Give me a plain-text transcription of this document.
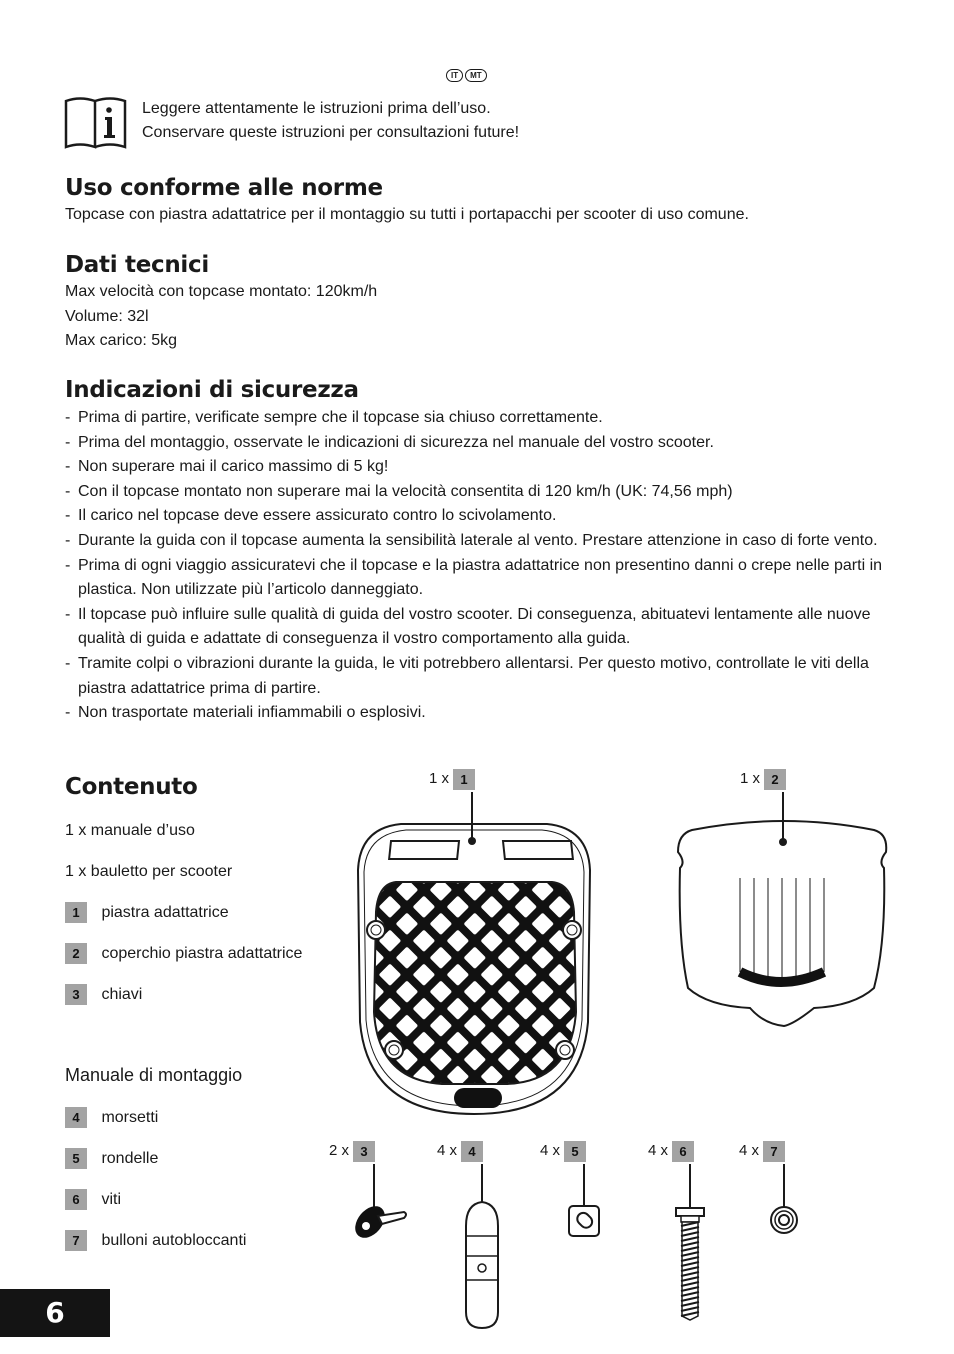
IT MT
Leggere attentamente le istruzioni prima dell’uso.
Conservare queste istruzioni per consultazioni future!
Uso conforme alle norme
Topcase con piastra adattatrice per il montaggio su tutti i portapacchi per scooter di uso comune.
Dati tecnici
Max velocità con topcase montato: 120km/h
Volume: 32l
Max carico: 5kg
Indicazioni di sicurezza
- Prima di partire, verificate sempre che il topcase sia chiuso correttamente.
- Prima del montaggio, osservate le indicazioni di sicurezza nel manuale del vostro scooter.
- Non superare mai il carico massimo di 5 kg!
- Con il topcase montato non superare mai la velocità consentita di 120 km/h (UK: 74,56 mph)
- Il carico nel topcase deve essere assicurato contro lo scivolamento.
- Durante la guida con il topcase aumenta la sensibilità laterale al vento. Prestare attenzione in caso di forte vento.
- Prima di ogni viaggio assicuratevi che il topcase e la piastra adattatrice non presentino danni o crepe nelle parti in plastica. Non utilizzate più l’articolo danneggiato.
- Il topcase può influire sulle qualità di guida del vostro scooter. Di conseguenza, abituatevi lentamente alle nuove qualità di guida e adattate di conseguenza il vostro comportamento alla guida.
- Tramite colpi o vibrazioni durante la guida, le viti potrebbero allentarsi. Per questo motivo, controllate le viti della piastra adattatrice prima di partire.
- Non trasportate materiali infiammabili o esplosivi.
Contenuto
1 x manuale d’uso
1 x bauletto per scooter
1 piastra adattatrice
2 coperchio piastra adattatrice
3 chiavi
Manuale di montaggio
4 morsetti
5 rondelle
6 viti
7 bulloni autobloccanti
1 x 1	1 x 2
2 x 3	4 x 4	4 x 5	4 x 6	4 x 7
6
